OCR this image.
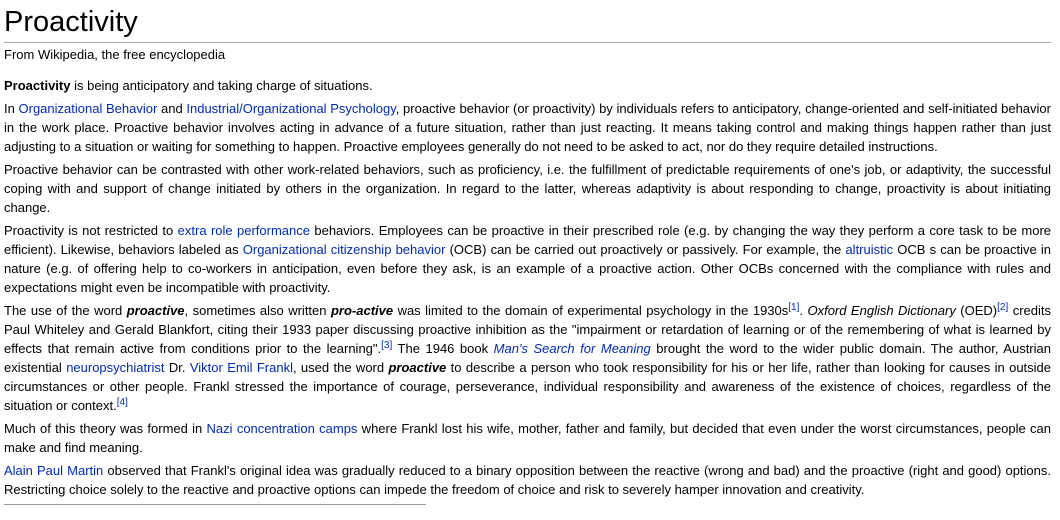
Proactivity
From Wikipedia, the free encyclopedia

Proactivity is being anticipatory and taking charge of situations.

In Organizational Behavior and Industrial/Organizational Psychology, proactive behavior (or proactivity) by individuals refers to anticipatory, change-oriented and self-initiated behavior in the work place. Proactive behavior involves acting in advance of a future situation, rather than just reacting. It means taking control and making things happen rather than just adjusting to a situation or waiting for something to happen. Proactive employees generally do not need to be asked to act, nor do they require detailed instructions.

Proactive behavior can be contrasted with other work-related behaviors, such as proficiency, i.e. the fulfillment of predictable requirements of one's job, or adaptivity, the successful coping with and support of change initiated by others in the organization. In regard to the latter, whereas adaptivity is about responding to change, proactivity is about initiating change.

Proactivity is not restricted to extra role performance behaviors. Employees can be proactive in their prescribed role (e.g. by changing the way they perform a core task to be more efficient). Likewise, behaviors labeled as Organizational citizenship behavior (OCB) can be carried out proactively or passively. For example, the altruistic OCB s can be proactive in nature (e.g. of offering help to co-workers in anticipation, even before they ask, is an example of a proactive action. Other OCBs concerned with the compliance with rules and expectations might even be incompatible with proactivity.

The use of the word proactive, sometimes also written pro-active was limited to the domain of experimental psychology in the 1930s[1]. Oxford English Dictionary (OED)[2] credits Paul Whiteley and Gerald Blankfort, citing their 1933 paper discussing proactive inhibition as the "impairment or retardation of learning or of the remembering of what is learned by effects that remain active from conditions prior to the learning".[3] The 1946 book Man's Search for Meaning brought the word to the wider public domain. The author, Austrian existential neuropsychiatrist Dr. Viktor Emil Frankl, used the word proactive to describe a person who took responsibility for his or her life, rather than looking for causes in outside circumstances or other people. Frankl stressed the importance of courage, perseverance, individual responsibility and awareness of the existence of choices, regardless of the situation or context.[4]

Much of this theory was formed in Nazi concentration camps where Frankl lost his wife, mother, father and family, but decided that even under the worst circumstances, people can make and find meaning.

Alain Paul Martin observed that Frankl's original idea was gradually reduced to a binary opposition between the reactive (wrong and bad) and the proactive (right and good) options. Restricting choice solely to the reactive and proactive options can impede the freedom of choice and risk to severely hamper innovation and creativity.
